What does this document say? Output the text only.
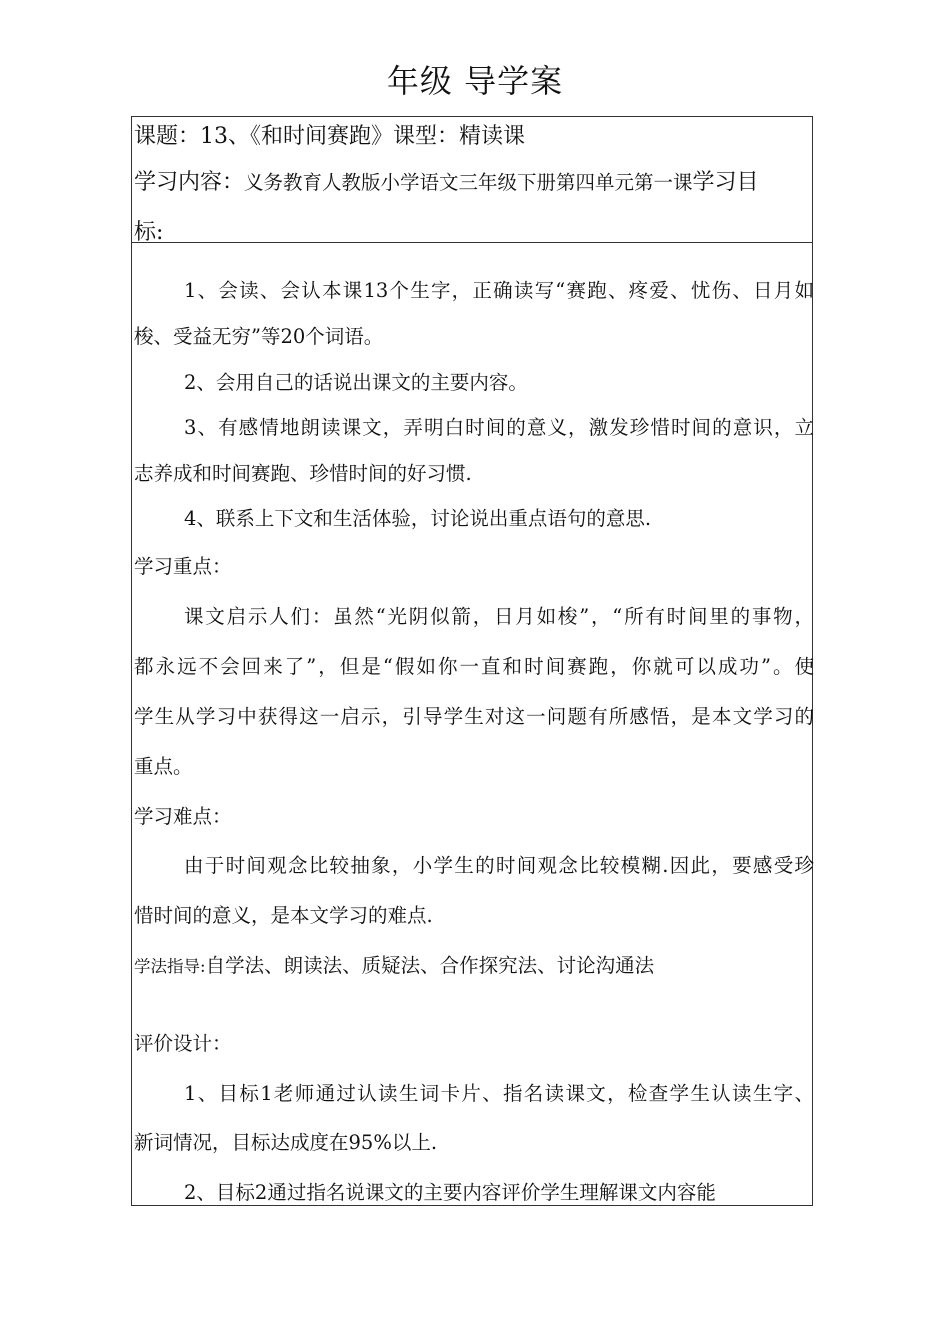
年级 导学案
课题：13、《和时间赛跑》课型：精读课
学习内容：义务教育人教版小学语文三年级下册第四单元第一课学习目
标:
1、会读、会认本课13个生字，正确读写“赛跑、疼爱、忧伤、日月如
梭、受益无穷”等20个词语。
2、会用自己的话说出课文的主要内容。
3、有感情地朗读课文，弄明白时间的意义，激发珍惜时间的意识，立
志养成和时间赛跑、珍惜时间的好习惯.
4、联系上下文和生活体验，讨论说出重点语句的意思.
学习重点：
课文启示人们：虽然“光阴似箭，日月如梭”，“所有时间里的事物，
都永远不会回来了”，但是“假如你一直和时间赛跑，你就可以成功”。使
学生从学习中获得这一启示，引导学生对这一问题有所感悟，是本文学习的
重点。
学习难点：
由于时间观念比较抽象，小学生的时间观念比较模糊.因此，要感受珍
惜时间的意义，是本文学习的难点.
学法指导:自学法、朗读法、质疑法、合作探究法、讨论沟通法
评价设计：
1、目标1老师通过认读生词卡片、指名读课文，检查学生认读生字、
新词情况，目标达成度在95%以上.
2、目标2通过指名说课文的主要内容评价学生理解课文内容能
